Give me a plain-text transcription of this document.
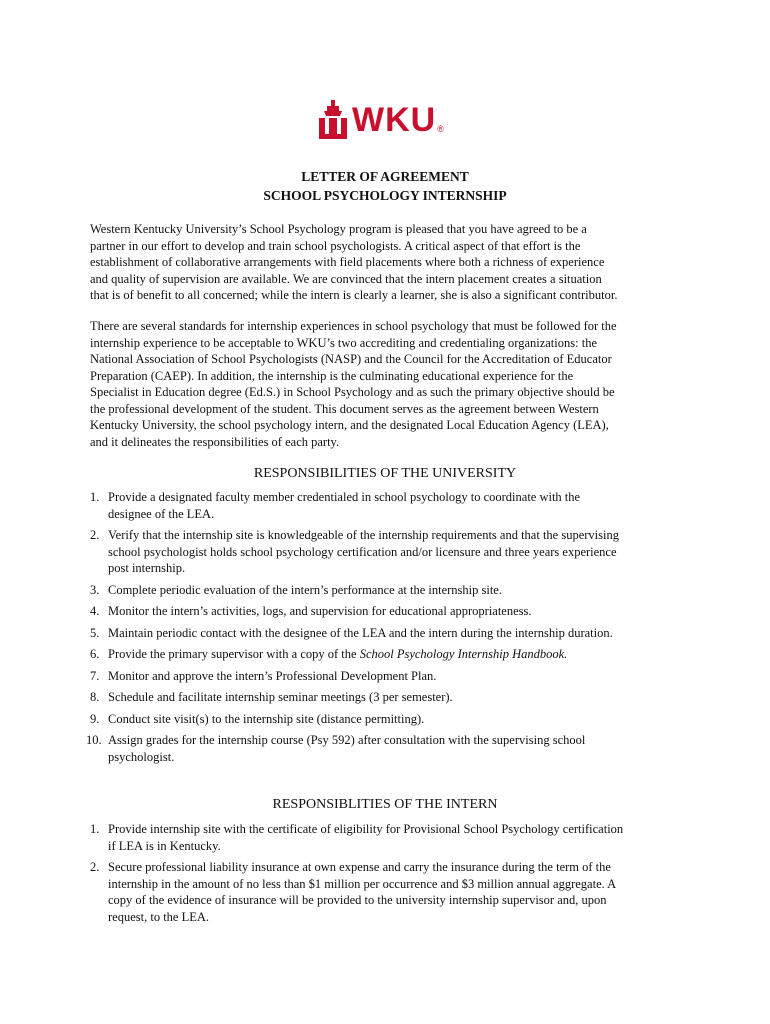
WKU ®
LETTER OF AGREEMENT
SCHOOL PSYCHOLOGY INTERNSHIP

Western Kentucky University’s School Psychology program is pleased that you have agreed to be a
partner in our effort to develop and train school psychologists. A critical aspect of that effort is the
establishment of collaborative arrangements with field placements where both a richness of experience
and quality of supervision are available. We are convinced that the intern placement creates a situation
that is of benefit to all concerned; while the intern is clearly a learner, she is also a significant contributor.

There are several standards for internship experiences in school psychology that must be followed for the
internship experience to be acceptable to WKU’s two accrediting and credentialing organizations: the
National Association of School Psychologists (NASP) and the Council for the Accreditation of Educator
Preparation (CAEP). In addition, the internship is the culminating educational experience for the
Specialist in Education degree (Ed.S.) in School Psychology and as such the primary objective should be
the professional development of the student. This document serves as the agreement between Western
Kentucky University, the school psychology intern, and the designated Local Education Agency (LEA),
and it delineates the responsibilities of each party.

RESPONSIBILITIES OF THE UNIVERSITY
1. Provide a designated faculty member credentialed in school psychology to coordinate with the
designee of the LEA.
2. Verify that the internship site is knowledgeable of the internship requirements and that the supervising
school psychologist holds school psychology certification and/or licensure and three years experience
post internship.
3. Complete periodic evaluation of the intern’s performance at the internship site.
4. Monitor the intern’s activities, logs, and supervision for educational appropriateness.
5. Maintain periodic contact with the designee of the LEA and the intern during the internship duration.
6. Provide the primary supervisor with a copy of the School Psychology Internship Handbook.
7. Monitor and approve the intern’s Professional Development Plan.
8. Schedule and facilitate internship seminar meetings (3 per semester).
9. Conduct site visit(s) to the internship site (distance permitting).
10. Assign grades for the internship course (Psy 592) after consultation with the supervising school
psychologist.
RESPONSIBLITIES OF THE INTERN
1. Provide internship site with the certificate of eligibility for Provisional School Psychology certification
if LEA is in Kentucky.
2. Secure professional liability insurance at own expense and carry the insurance during the term of the
internship in the amount of no less than $1 million per occurrence and $3 million annual aggregate. A
copy of the evidence of insurance will be provided to the university internship supervisor and, upon
request, to the LEA.
